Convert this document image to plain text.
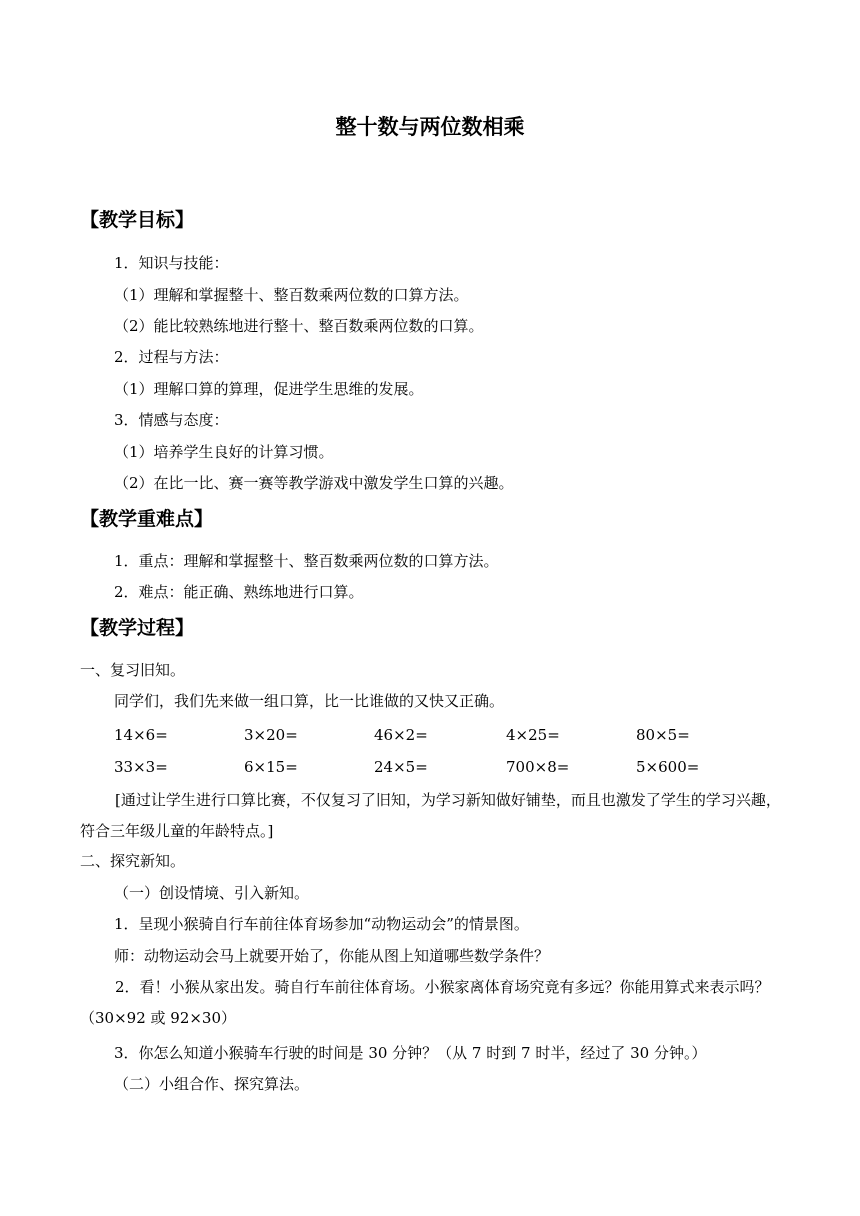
整十数与两位数相乘
【教学目标】
1．知识与技能：
（1）理解和掌握整十、整百数乘两位数的口算方法。
（2）能比较熟练地进行整十、整百数乘两位数的口算。
2．过程与方法：
（1）理解口算的算理，促进学生思维的发展。
3．情感与态度：
（1）培养学生良好的计算习惯。
（2）在比一比、赛一赛等教学游戏中激发学生口算的兴趣。
【教学重难点】
1．重点：理解和掌握整十、整百数乘两位数的口算方法。
2．难点：能正确、熟练地进行口算。
【教学过程】
一、复习旧知。
同学们，我们先来做一组口算，比一比谁做的又快又正确。
14×6=	3×20=	46×2=	4×25=	80×5=
33×3=	6×15=	24×5=	700×8=	5×600=
[通过让学生进行口算比赛，不仅复习了旧知，为学习新知做好铺垫，而且也激发了学生的学习兴趣，符合三年级儿童的年龄特点。]
二、探究新知。
（一）创设情境、引入新知。
1．呈现小猴骑自行车前往体育场参加“动物运动会”的情景图。
师：动物运动会马上就要开始了，你能从图上知道哪些数学条件？
2．看！小猴从家出发。骑自行车前往体育场。小猴家离体育场究竟有多远？你能用算式来表示吗？（30×92 或 92×30）
3．你怎么知道小猴骑车行驶的时间是 30 分钟？（从 7 时到 7 时半，经过了 30 分钟。）
（二）小组合作、探究算法。
